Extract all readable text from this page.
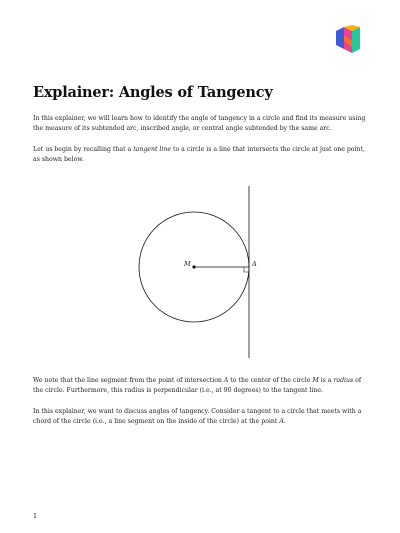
Explainer: Angles of Tangency

In this explainer, we will learn how to identify the angle of tangency in a circle and find its measure using the measure of its subtended arc, inscribed angle, or central angle subtended by the same arc.

Let us begin by recalling that a tangent line to a circle is a line that intersects the circle at just one point, as shown below.

M	A

We note that the line segment from the point of intersection A to the center of the circle M is a radius of the circle. Furthermore, this radius is perpendicular (i.e., at 90 degrees) to the tangent line.

In this explainer, we want to discuss angles of tangency. Consider a tangent to a circle that meets with a chord of the circle (i.e., a line segment on the inside of the circle) at the point A.

1
